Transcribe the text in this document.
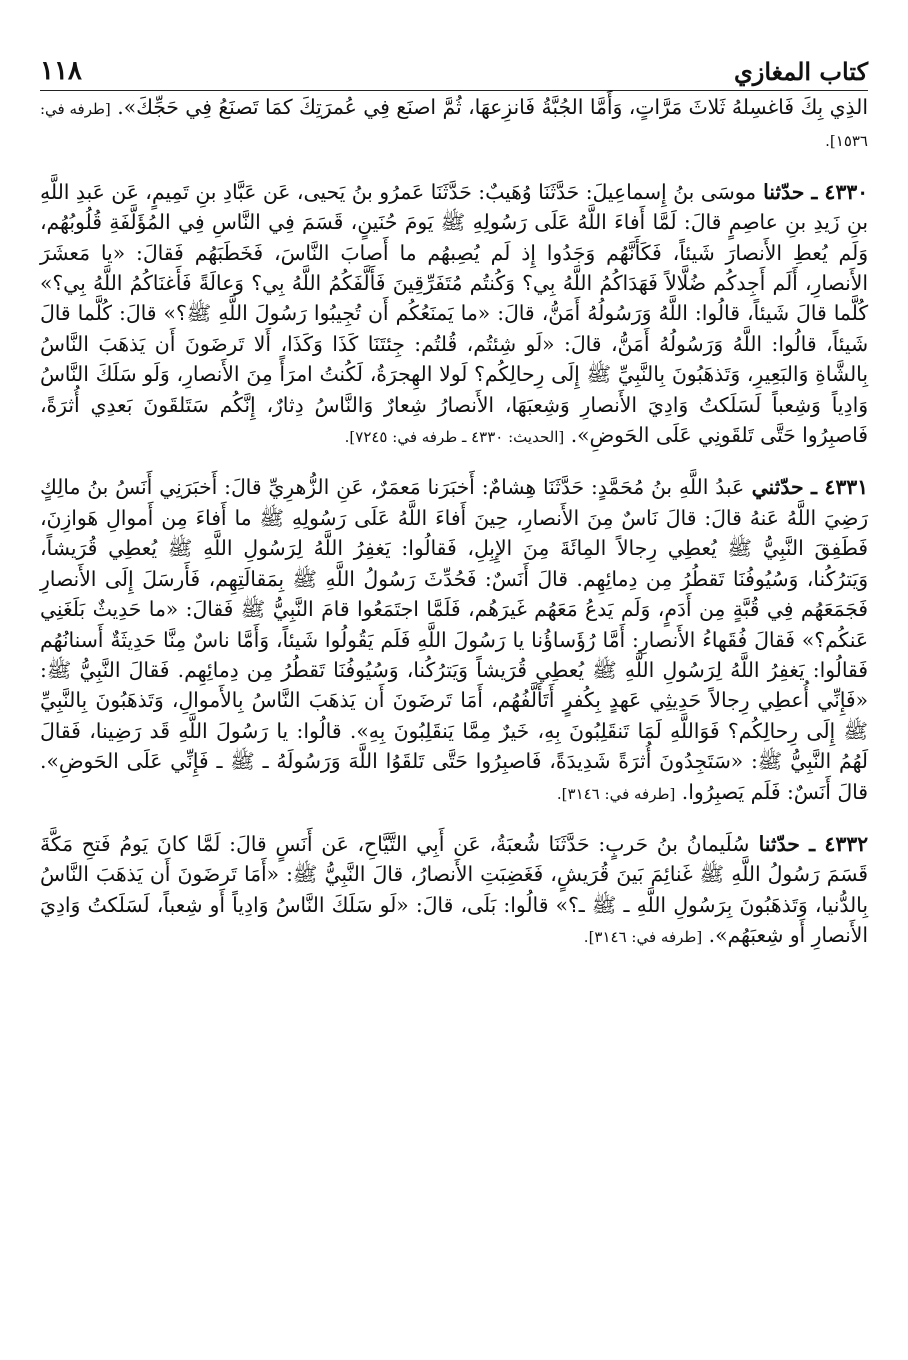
١١٨	كتاب المغازي

الذِي بِكَ فَاغسِلهُ ثَلاثَ مَرَّاتٍ، وَأَمَّا الجُبَّةُ فَانزِعهَا، ثُمَّ اصنَع فِي عُمرَتِكَ كمَا تَصنَعُ فِي حَجِّكَ». [طرفه في: ١٥٣٦].

٤٣٣٠ ـ حدّثنا موسَى بنُ إِسماعِيلَ: حَدَّثَنَا وُهَيبٌ: حَدَّثَنَا عَمرُو بنُ يَحيى، عَن عَبَّادِ بنِ تَمِيمٍ، عَن عَبدِ اللَّهِ بنِ زَيدِ بنِ عاصِمٍ قالَ: لَمَّا أَفاءَ اللَّهُ عَلَى رَسُولِهِ ﷺ يَومَ حُنَينٍ، قَسَمَ فِي النَّاسِ فِي المُؤَلَّفَةِ قُلُوبُهُم، وَلَم يُعطِ الأَنصارَ شَيئاً، فَكَأَنَّهُم وَجَدُوا إِذ لَم يُصِبهُم ما أَصابَ النَّاسَ، فَخَطَبَهُم فَقالَ: «يا مَعشَرَ الأَنصارِ، أَلَم أَجِدكُم ضُلَّالاً فَهَدَاكُمُ اللَّهُ بِي؟ وَكُنتُم مُتَفَرِّقِينَ فَأَلَّفَكُمُ اللَّهُ بِي؟ وَعالَةً فَأَغنَاكُمُ اللَّهُ بِي؟» كُلَّما قالَ شَيئاً، قالُوا: اللَّهُ وَرَسُولُهُ أَمَنُّ، قالَ: «ما يَمنَعُكُم أَن تُجِيبُوا رَسُولَ اللَّهِ ﷺ؟» قالَ: كُلَّما قالَ شَيئاً، قالُوا: اللَّهُ وَرَسُولُهُ أَمَنُّ، قالَ: «لَو شِئتُم، قُلتُم: جِئتَنَا كَذَا وَكَذَا، أَلا تَرضَونَ أَن يَذهَبَ النَّاسُ بِالشَّاةِ وَالبَعِيرِ، وَتَذهَبُونَ بِالنَّبِيِّ ﷺ إِلَى رِحالِكُم؟ لَولا الهِجرَةُ، لَكُنتُ امرَأً مِنَ الأَنصارِ، وَلَو سَلَكَ النَّاسُ وَادِياً وَشِعباً لَسَلَكتُ وَادِيَ الأَنصارِ وَشِعبَهَا، الأَنصارُ شِعارٌ وَالنَّاسُ دِثارٌ، إِنَّكُم سَتَلقَونَ بَعدِي أُثرَةً، فَاصبِرُوا حَتَّى تَلقَونِي عَلَى الحَوضِ». [الحديث: ٤٣٣٠ ـ طرفه في: ٧٢٤٥].

٤٣٣١ ـ حدّثني عَبدُ اللَّهِ بنُ مُحَمَّدٍ: حَدَّثَنَا هِشامٌ: أَخبَرَنا مَعمَرٌ، عَنِ الزُّهرِيِّ قالَ: أَخبَرَنِي أَنَسُ بنُ مالِكٍ رَضِيَ اللَّهُ عَنهُ قالَ: قالَ نَاسٌ مِنَ الأَنصارِ، حِينَ أَفاءَ اللَّهُ عَلَى رَسُولِهِ ﷺ ما أَفاءَ مِن أَموالِ هَوازِنَ، فَطَفِقَ النَّبِيُّ ﷺ يُعطِي رِجالاً المِائَةَ مِنَ الإِبِلِ، فَقالُوا: يَغفِرُ اللَّهُ لِرَسُولِ اللَّهِ ﷺ يُعطِي قُرَيشاً، وَيَترُكُنا، وَسُيُوفُنَا تَقطُرُ مِن دِمائِهِم. قالَ أَنَسٌ: فَحُدِّثَ رَسُولُ اللَّهِ ﷺ بِمَقالَتِهِم، فَأَرسَلَ إِلَى الأَنصارِ فَجَمَعَهُم فِي قُبَّةٍ مِن أَدَمٍ، وَلَم يَدعُ مَعَهُم غَيرَهُم، فَلَمَّا اجتَمَعُوا قامَ النَّبِيُّ ﷺ فَقالَ: «ما حَدِيثٌ بَلَغَنِي عَنكُم؟» فَقالَ فُقَهاءُ الأَنصارِ: أَمَّا رُؤَساؤُنا يا رَسُولَ اللَّهِ فَلَم يَقُولُوا شَيئاً، وَأَمَّا ناسٌ مِنَّا حَدِيثَةٌ أَسنانُهُم فَقالُوا: يَغفِرُ اللَّهُ لِرَسُولِ اللَّهِ ﷺ يُعطِي قُرَيشاً وَيَترُكُنا، وَسُيُوفُنَا تَقطُرُ مِن دِمائِهِم. فَقالَ النَّبِيُّ ﷺ: «فَإِنِّي أُعطِي رِجالاً حَدِيثِي عَهدٍ بِكُفرٍ أَتَأَلَّفُهُم، أَمَا تَرضَونَ أَن يَذهَبَ النَّاسُ بِالأَموالِ، وَتَذهَبُونَ بِالنَّبِيِّ ﷺ إِلَى رِحالِكُم؟ فَوَاللَّهِ لَمَا تَنقَلِبُونَ بِهِ، خَيرٌ مِمَّا يَنقَلِبُونَ بِهِ». قالُوا: يا رَسُولَ اللَّهِ قَد رَضِينا، فَقالَ لَهُمُ النَّبِيُّ ﷺ: «سَتَجِدُونَ أُثرَةً شَدِيدَةً، فَاصبِرُوا حَتَّى تَلقَوُا اللَّهَ وَرَسُولَهُ ـ ﷺ ـ فَإِنِّي عَلَى الحَوضِ». قالَ أَنَسٌ: فَلَم يَصبِرُوا. [طرفه في: ٣١٤٦].

٤٣٣٢ ـ حدّثنا سُلَيمانُ بنُ حَربٍ: حَدَّثَنَا شُعبَةُ، عَن أَبِي التَّيَّاحِ، عَن أَنَسٍ قالَ: لَمَّا كانَ يَومُ فَتحِ مَكَّةَ قَسَمَ رَسُولُ اللَّهِ ﷺ غَنائِمَ بَينَ قُرَيشٍ، فَغَضِبَتِ الأَنصارُ، قالَ النَّبِيُّ ﷺ: «أَمَا تَرضَونَ أَن يَذهَبَ النَّاسُ بِالدُّنيا، وَتَذهَبُونَ بِرَسُولِ اللَّهِ ـ ﷺ ـ؟» قالُوا: بَلَى، قالَ: «لَو سَلَكَ النَّاسُ وَادِياً أَو شِعباً، لَسَلَكتُ وَادِيَ الأَنصارِ أَو شِعبَهُم». [طرفه في: ٣١٤٦].
